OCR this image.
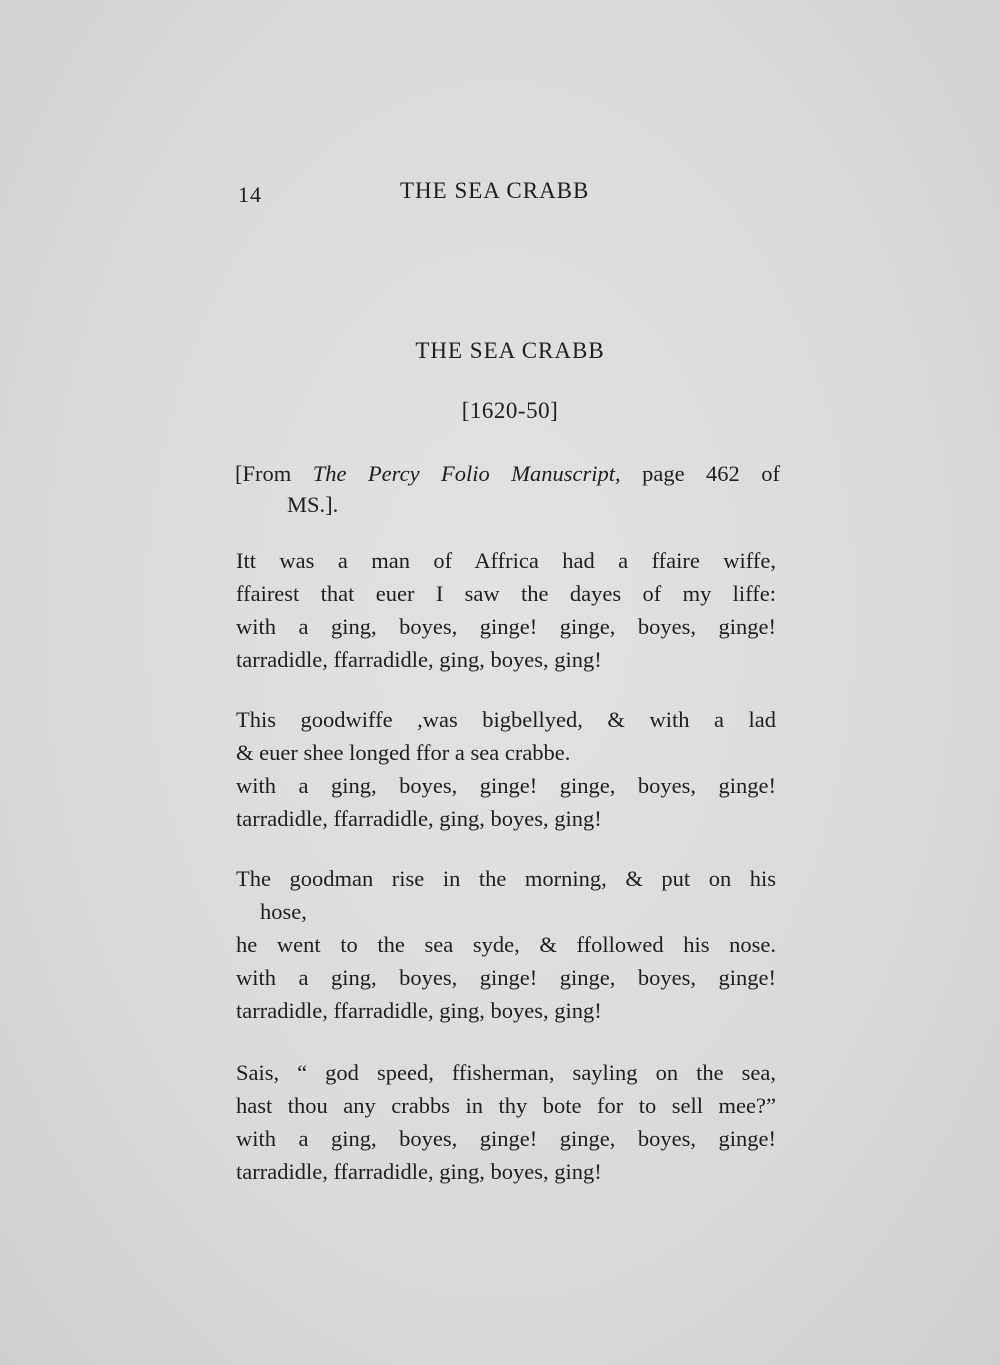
14	THE SEA CRABB
THE SEA CRABB
[1620-50]
[From The Percy Folio Manuscript, page 462 of
MS.].
Itt was a man of Affrica had a ffaire wiffe,
ffairest that euer I saw the dayes of my liffe:
with a ging, boyes, ginge! ginge, boyes, ginge!
tarradidle, ffarradidle, ging, boyes, ging!
This goodwiffe ,was bigbellyed, & with a lad
& euer shee longed ffor a sea crabbe.
with a ging, boyes, ginge! ginge, boyes, ginge!
tarradidle, ffarradidle, ging, boyes, ging!
The goodman rise in the morning, & put on his
hose,
he went to the sea syde, & ffollowed his nose.
with a ging, boyes, ginge! ginge, boyes, ginge!
tarradidle, ffarradidle, ging, boyes, ging!
Sais, “ god speed, ffisherman, sayling on the sea,
hast thou any crabbs in thy bote for to sell mee?”
with a ging, boyes, ginge! ginge, boyes, ginge!
tarradidle, ffarradidle, ging, boyes, ging!
